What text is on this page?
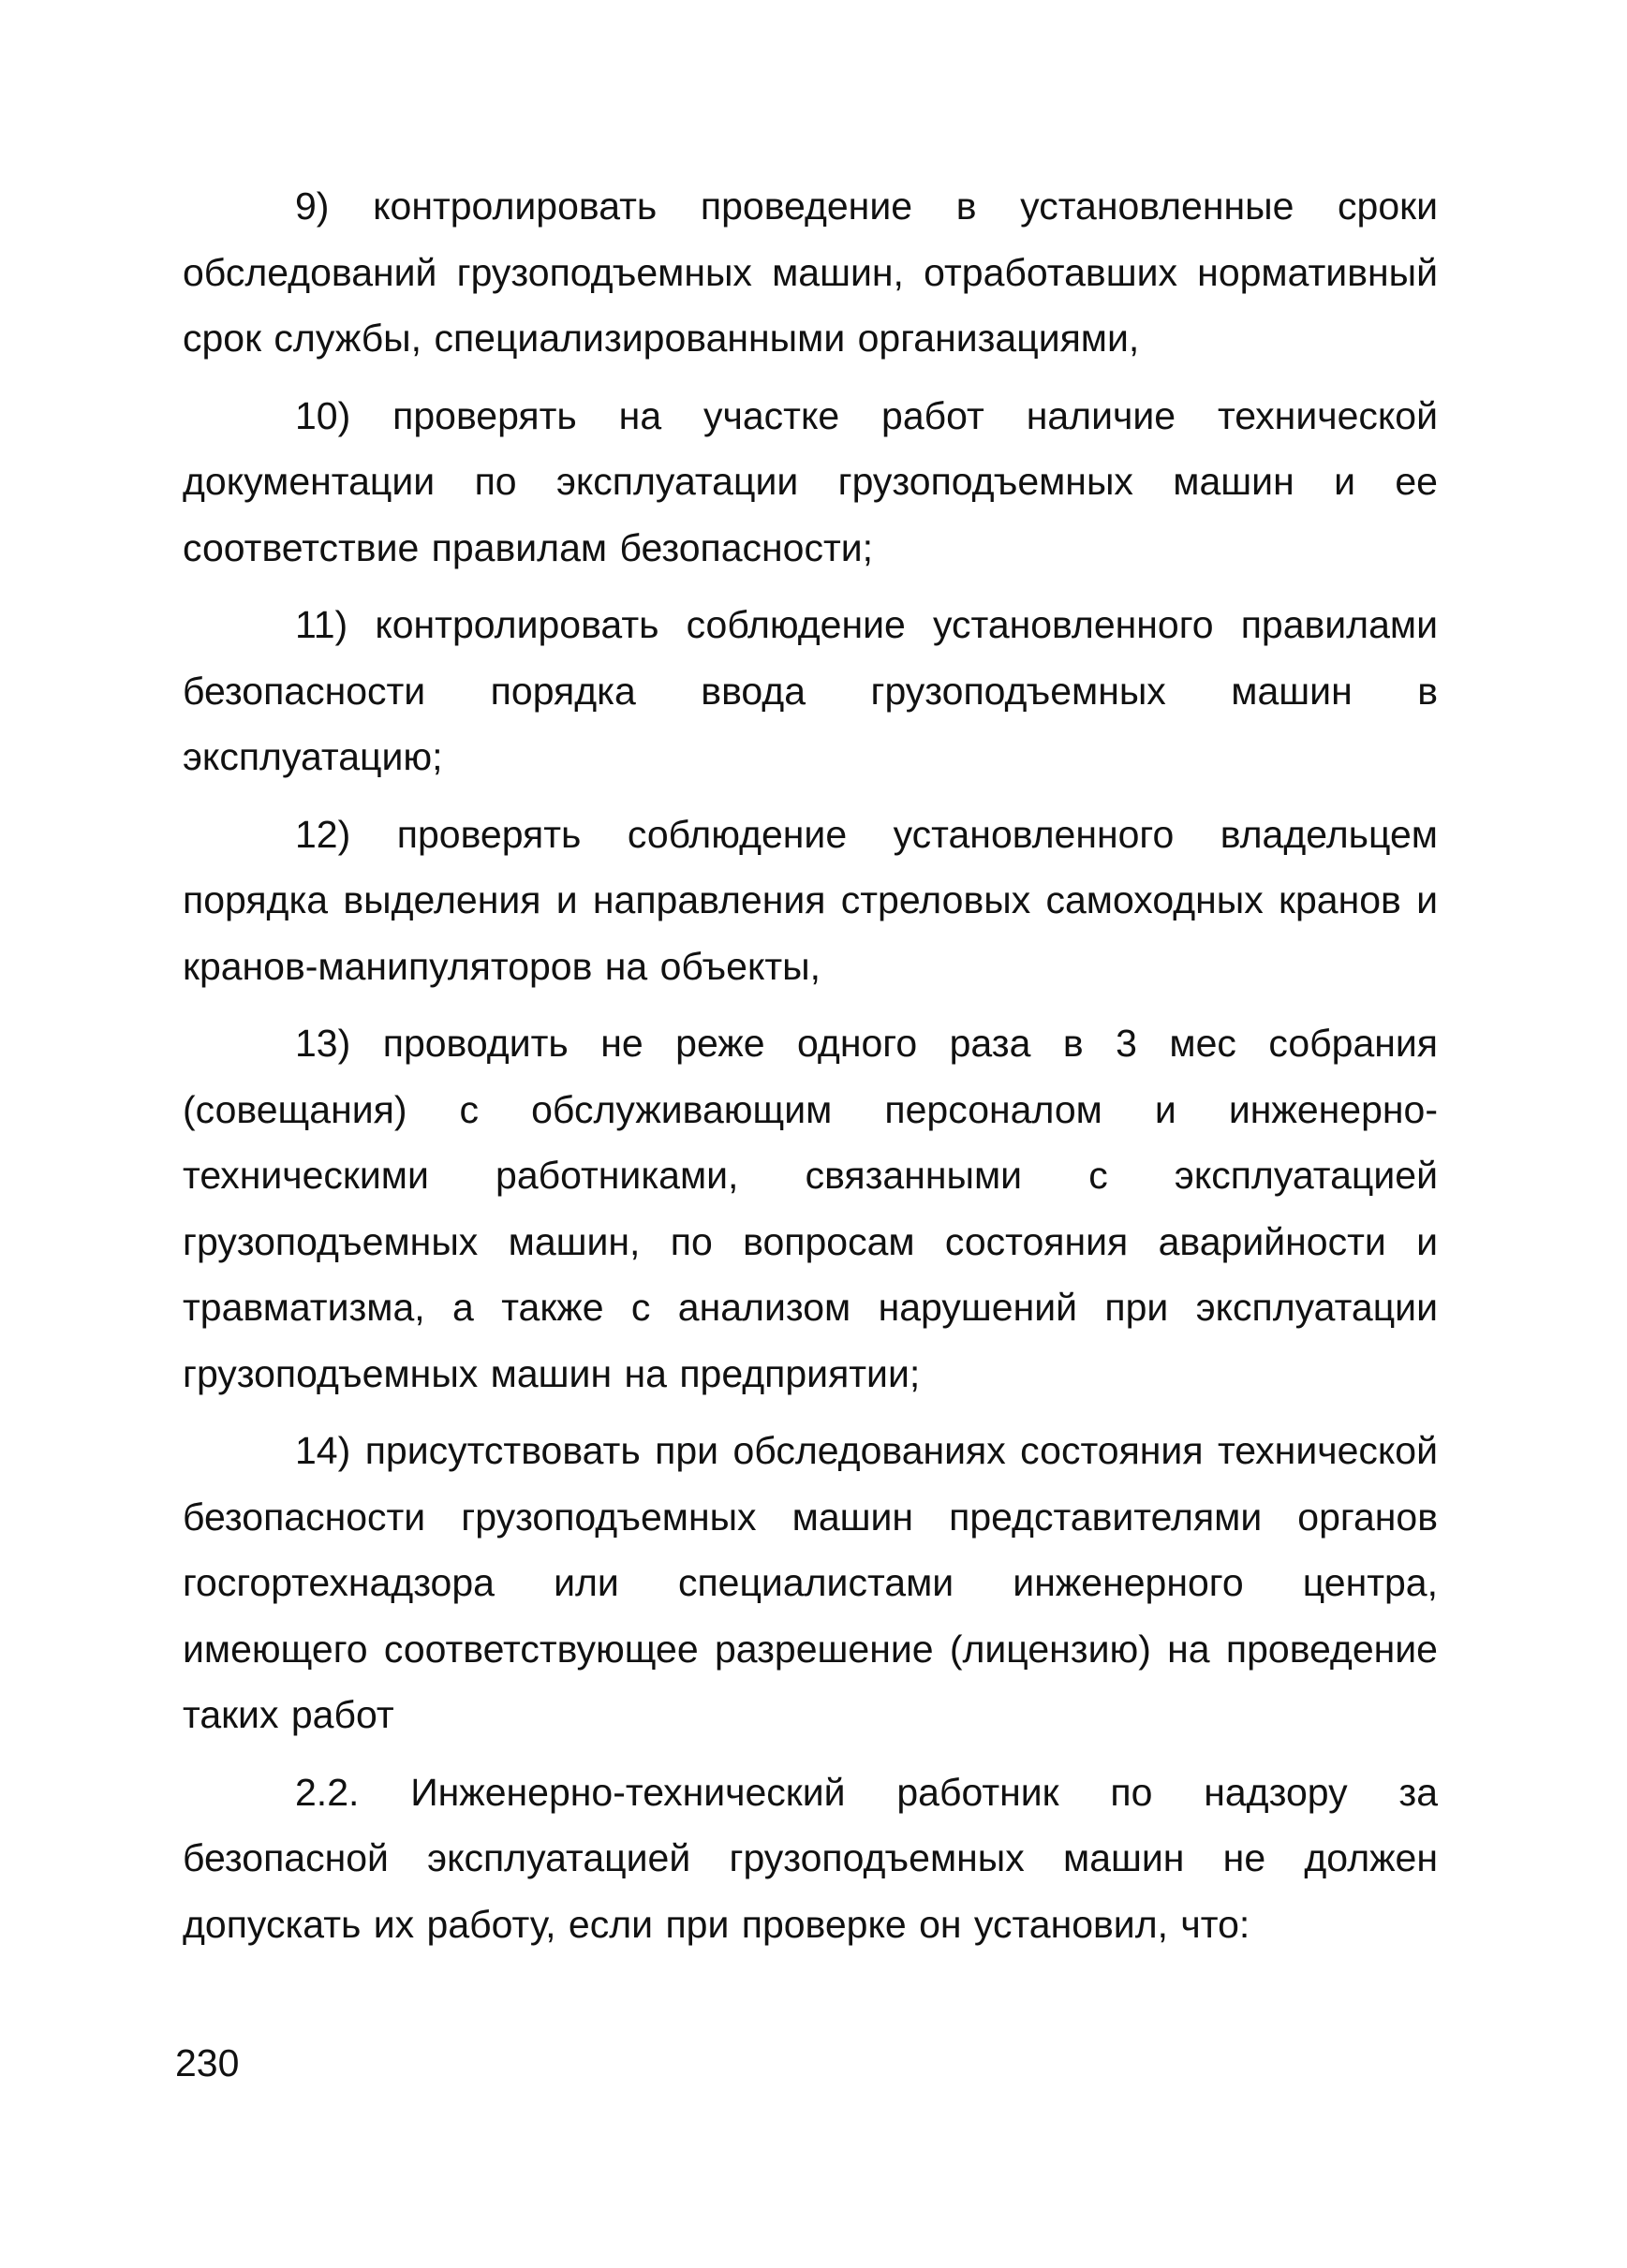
9) контролировать проведение в установленные сроки обследований грузоподъемных машин, отработавших нормативный срок службы, специализированными организациями,

10) проверять на участке работ наличие технической документации по эксплуатации грузоподъемных машин и ее соответствие правилам безопасности;

11) контролировать соблюдение установленного правилами безопасности порядка ввода грузоподъемных машин в эксплуатацию;

12) проверять соблюдение установленного владельцем порядка выделения и направления стреловых самоходных кранов и кранов-манипуляторов на объекты,

13) проводить не реже одного раза в 3 мес собрания (совещания) с обслуживающим персоналом и инженерно-техническими работниками, связанными с эксплуатацией грузоподъемных машин, по вопросам состояния аварийности и травматизма, а также с анализом нарушений при эксплуатации грузоподъемных машин на предприятии;

14) присутствовать при обследованиях состояния технической безопасности грузоподъемных машин представителями органов госгортехнадзора или специалистами инженерного центра, имеющего соответствующее разрешение (лицензию) на проведение таких работ

2.2. Инженерно-технический работник по надзору за безопасной эксплуатацией грузоподъемных машин не должен допускать их работу, если при проверке он установил, что:

230
